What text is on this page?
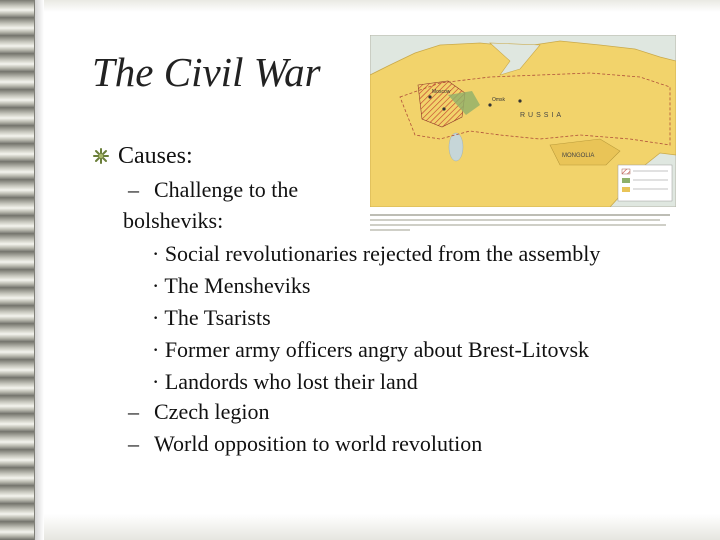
The Civil War
RUSSIA
MONGOLIA
Omsk
Moscow
Causes:
– Challenge to the
bolsheviks:
· Social revolutionaries rejected from the assembly
· The Mensheviks
· The Tsarists
· Former army officers angry about Brest-Litovsk
· Landords who lost their land
– Czech legion
– World opposition to world revolution
